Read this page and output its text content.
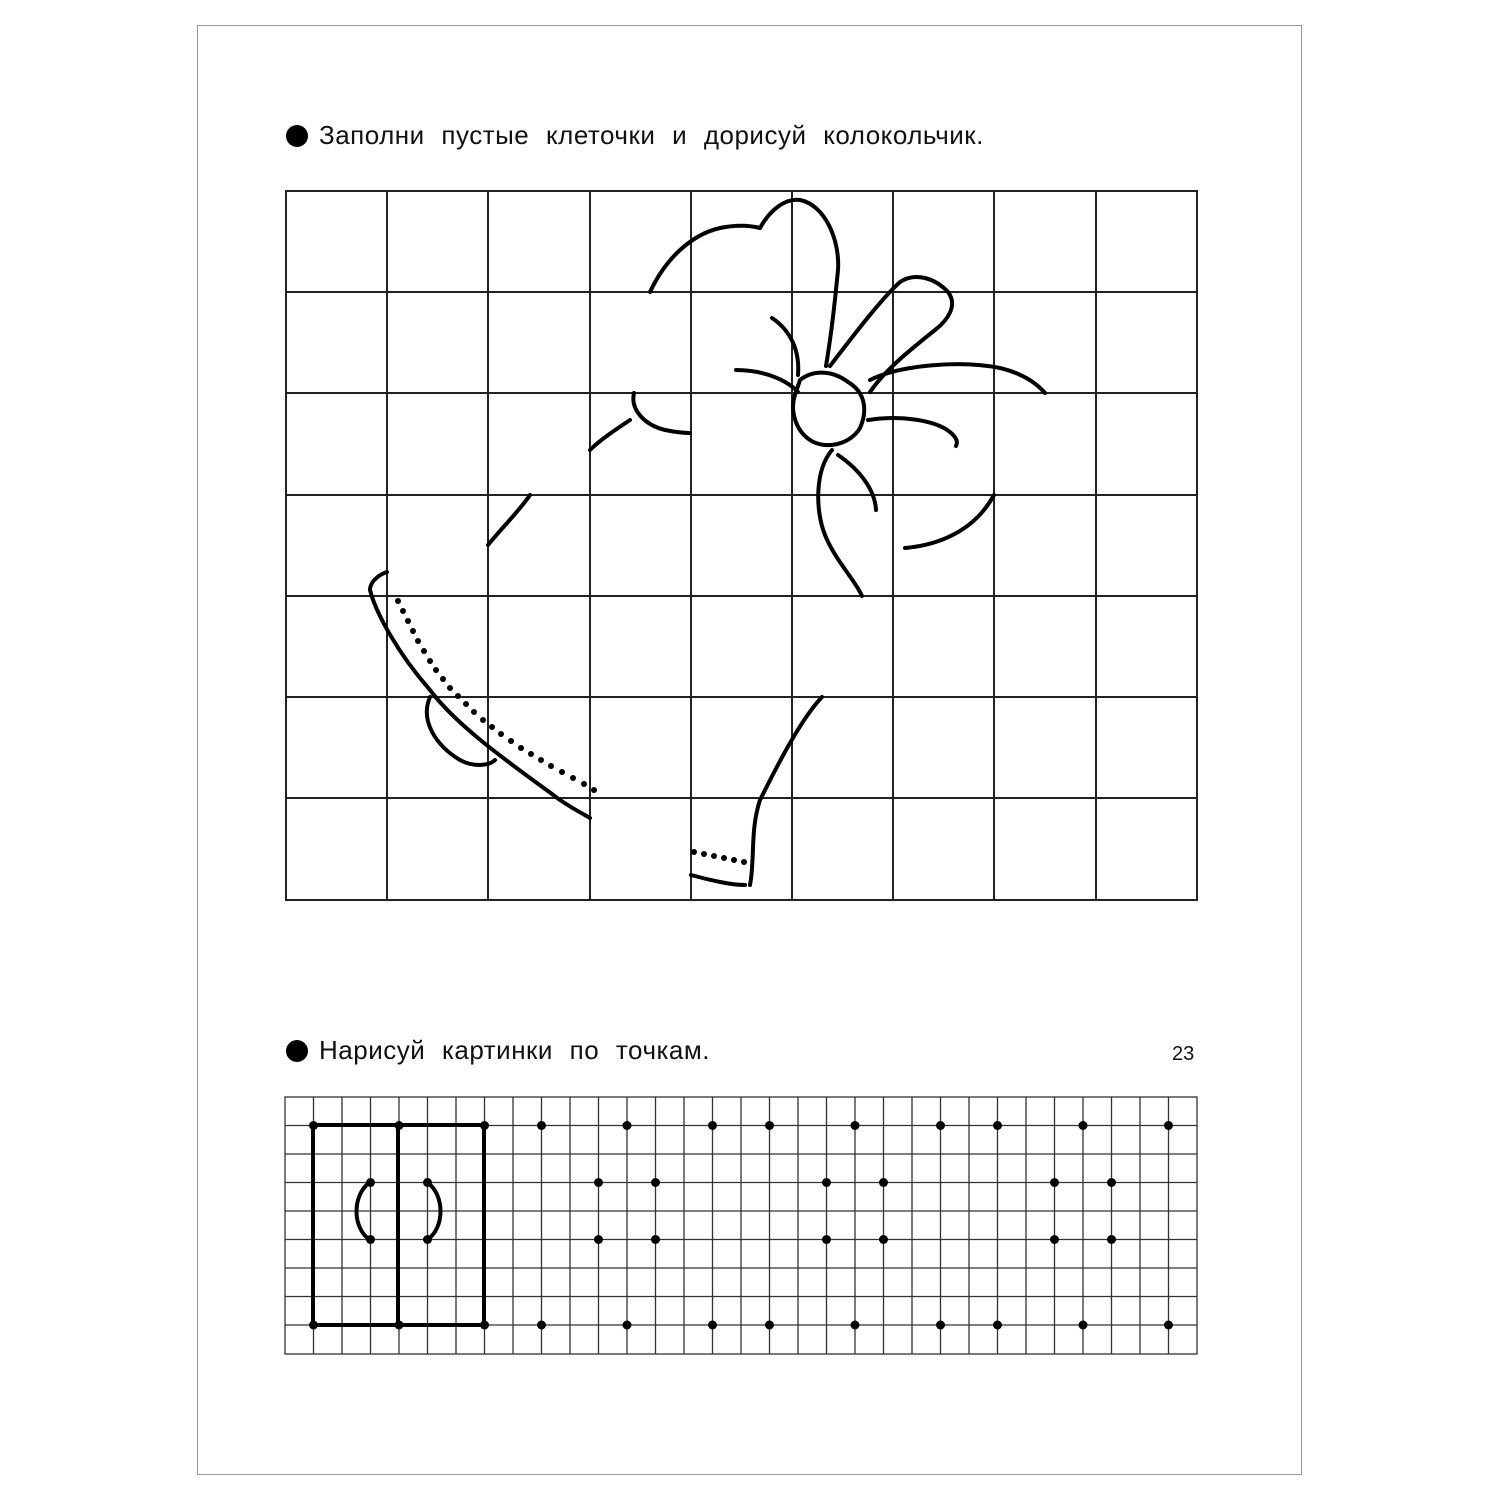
Заполни пустые клеточки и дорисуй колокольчик.
Нарисуй картинки по точкам.	23
